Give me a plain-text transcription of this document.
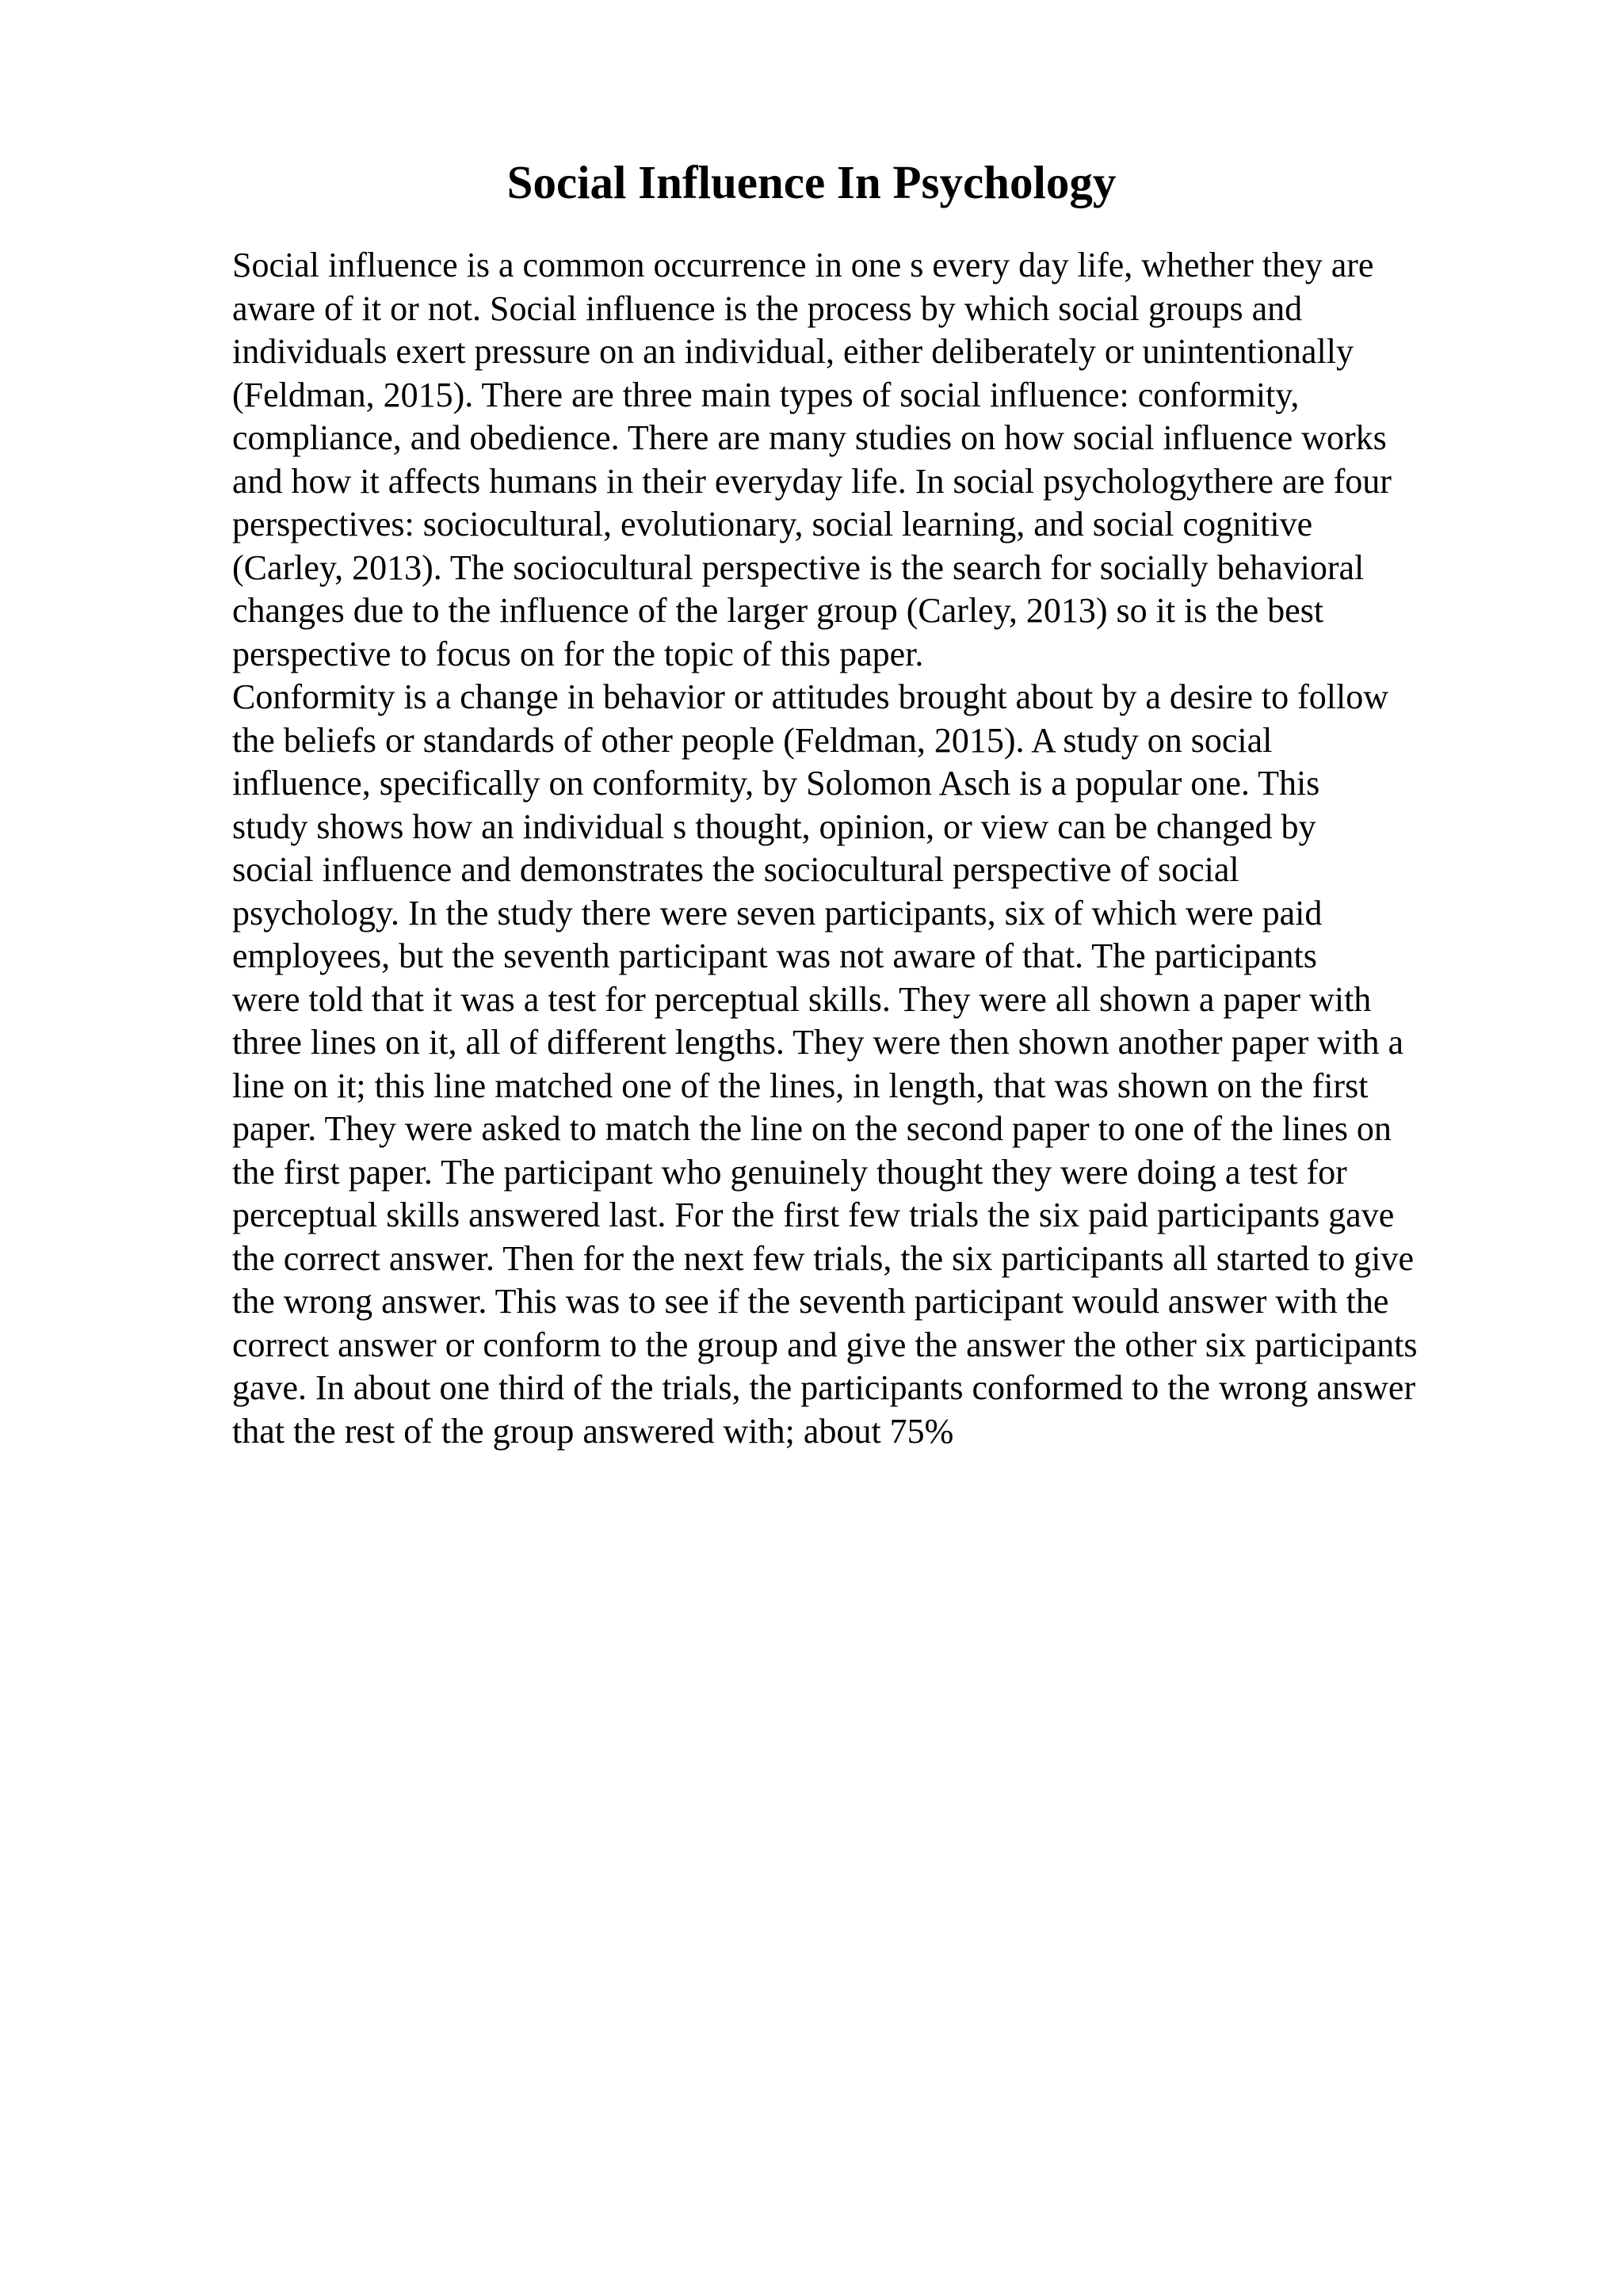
Social Influence In Psychology
Social influence is a common occurrence in one s every day life, whether they are
aware of it or not. Social influence is the process by which social groups and
individuals exert pressure on an individual, either deliberately or unintentionally
(Feldman, 2015). There are three main types of social influence: conformity,
compliance, and obedience. There are many studies on how social influence works
and how it affects humans in their everyday life. In social psychologythere are four
perspectives: sociocultural, evolutionary, social learning, and social cognitive
(Carley, 2013). The sociocultural perspective is the search for socially behavioral
changes due to the influence of the larger group (Carley, 2013) so it is the best
perspective to focus on for the topic of this paper.
Conformity is a change in behavior or attitudes brought about by a desire to follow
the beliefs or standards of other people (Feldman, 2015). A study on social
influence, specifically on conformity, by Solomon Asch is a popular one. This
study shows how an individual s thought, opinion, or view can be changed by
social influence and demonstrates the sociocultural perspective of social
psychology. In the study there were seven participants, six of which were paid
employees, but the seventh participant was not aware of that. The participants
were told that it was a test for perceptual skills. They were all shown a paper with
three lines on it, all of different lengths. They were then shown another paper with a
line on it; this line matched one of the lines, in length, that was shown on the first
paper. They were asked to match the line on the second paper to one of the lines on
the first paper. The participant who genuinely thought they were doing a test for
perceptual skills answered last. For the first few trials the six paid participants gave
the correct answer. Then for the next few trials, the six participants all started to give
the wrong answer. This was to see if the seventh participant would answer with the
correct answer or conform to the group and give the answer the other six participants
gave. In about one third of the trials, the participants conformed to the wrong answer
that the rest of the group answered with; about 75%
